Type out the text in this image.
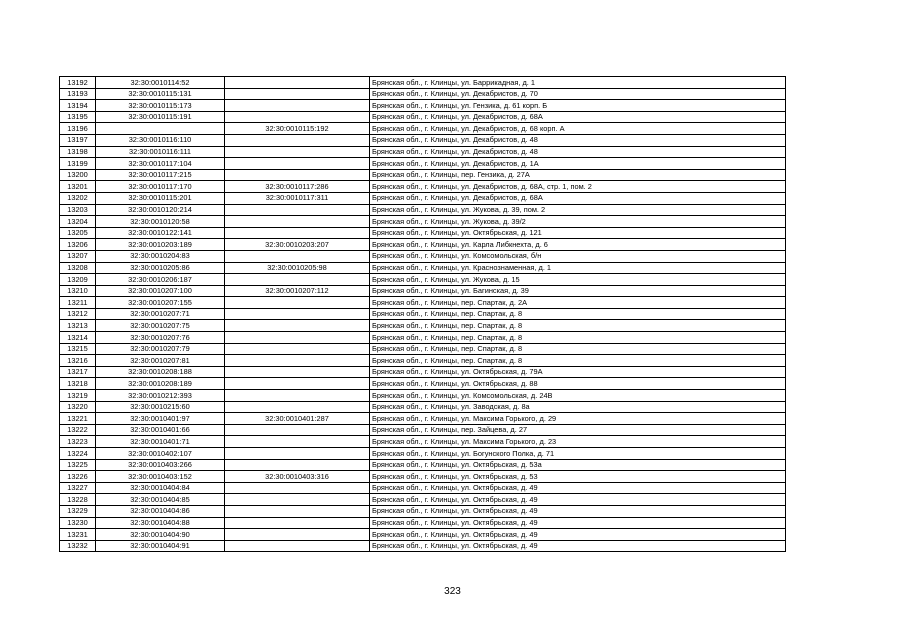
13192	32:30:0010114:52		Брянская обл., г. Клинцы, ул. Баррикадная, д. 1
13193	32:30:0010115:131		Брянская обл., г. Клинцы, ул. Декабристов, д. 70
13194	32:30:0010115:173		Брянская обл., г. Клинцы, ул. Гензика, д. 61 корп. Б
13195	32:30:0010115:191		Брянская обл., г. Клинцы, ул. Декабристов, д. 68А
13196		32:30:0010115:192	Брянская обл., г. Клинцы, ул. Декабристов, д. 68 корп. А
13197	32:30:0010116:110		Брянская обл., г. Клинцы, ул. Декабристов, д. 48
13198	32:30:0010116:111		Брянская обл., г. Клинцы, ул. Декабристов, д. 48
13199	32:30:0010117:104		Брянская обл., г. Клинцы, ул. Декабристов, д. 1А
13200	32:30:0010117:215		Брянская обл., г. Клинцы, пер. Гензика, д. 27А
13201	32:30:0010117:170	32:30:0010117:286	Брянская обл., г. Клинцы, ул. Декабристов, д. 68А, стр. 1, пом. 2
13202	32:30:0010115:201	32:30:0010117:311	Брянская обл., г. Клинцы, ул. Декабристов, д. 68А
13203	32:30:0010120:214		Брянская обл., г. Клинцы, ул. Жукова, д. 39, пом. 2
13204	32:30:0010120:58		Брянская обл., г. Клинцы, ул. Жукова, д. 39/2
13205	32:30:0010122:141		Брянская обл., г. Клинцы, ул. Октябрьская, д. 121
13206	32:30:0010203:189	32:30:0010203:207	Брянская обл., г. Клинцы, ул. Карла Либкнехта, д. 6
13207	32:30:0010204:83		Брянская обл., г. Клинцы, ул. Комсомольская, б/н
13208	32:30:0010205:86	32:30:0010205:98	Брянская обл., г. Клинцы, ул. Краснознаменная, д. 1
13209	32:30:0010206:187		Брянская обл., г. Клинцы, ул. Жукова, д. 15
13210	32:30:0010207:100	32:30:0010207:112	Брянская обл., г. Клинцы, ул. Багинская, д. 39
13211	32:30:0010207:155		Брянская обл., г. Клинцы, пер. Спартак, д. 2А
13212	32:30:0010207:71		Брянская обл., г. Клинцы, пер. Спартак, д. 8
13213	32:30:0010207:75		Брянская обл., г. Клинцы, пер. Спартак, д. 8
13214	32:30:0010207:76		Брянская обл., г. Клинцы, пер. Спартак, д. 8
13215	32:30:0010207:79		Брянская обл., г. Клинцы, пер. Спартак, д. 8
13216	32:30:0010207:81		Брянская обл., г. Клинцы, пер. Спартак, д. 8
13217	32:30:0010208:188		Брянская обл., г. Клинцы, ул. Октябрьская, д. 79А
13218	32:30:0010208:189		Брянская обл., г. Клинцы, ул. Октябрьская, д. 88
13219	32:30:0010212:393		Брянская обл., г. Клинцы, ул. Комсомольская, д. 24В
13220	32:30:0010215:60		Брянская обл., г. Клинцы, ул. Заводская, д. 8а
13221	32:30:0010401:97	32:30:0010401:287	Брянская обл., г. Клинцы, ул. Максима Горького, д. 29
13222	32:30:0010401:66		Брянская обл., г. Клинцы, пер. Зайцева, д. 27
13223	32:30:0010401:71		Брянская обл., г. Клинцы, ул. Максима Горького, д. 23
13224	32:30:0010402:107		Брянская обл., г. Клинцы, ул. Богунского Полка, д. 71
13225	32:30:0010403:266		Брянская обл., г. Клинцы, ул. Октябрьская, д. 53а
13226	32:30:0010403:152	32:30:0010403:316	Брянская обл., г. Клинцы, ул. Октябрьская, д. 53
13227	32:30:0010404:84		Брянская обл., г. Клинцы, ул. Октябрьская, д. 49
13228	32:30:0010404:85		Брянская обл., г. Клинцы, ул. Октябрьская, д. 49
13229	32:30:0010404:86		Брянская обл., г. Клинцы, ул. Октябрьская, д. 49
13230	32:30:0010404:88		Брянская обл., г. Клинцы, ул. Октябрьская, д. 49
13231	32:30:0010404:90		Брянская обл., г. Клинцы, ул. Октябрьская, д. 49
13232	32:30:0010404:91		Брянская обл., г. Клинцы, ул. Октябрьская, д. 49
323
